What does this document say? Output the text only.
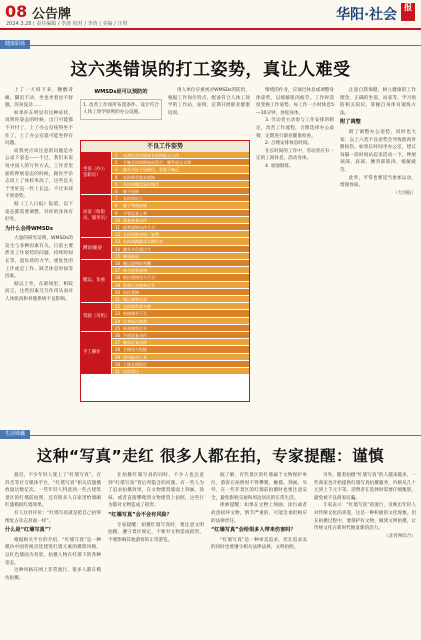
08 公告牌
2024.3.28 | 责任编辑 / 李涛 校对 / 李涛 | 美编 / 汪琪
华阳·社会 报
健康职场
这六类错误的打工姿势，真让人难受

上了一天班下来，腰酸背痛，脚沉不动，坐也坐着也不舒服，浑身没劲……

如果你在明显有这种症状，说明你姿态的时候，出门可能都不对付了，上了办公室疼得坐不住了，上了办公室就可能坐得有问题。

而我更应该注意的问题是办公桌下姿态——不过，我们来说说中国人的写作方式，工作者里面的伸展姿态的时候，跟医学杂志说上了体检率高了，这些是关于坐好直一些上长远、不过来找不到姿势。

据《工人日报》报道，以下姿态都需要调整，对你的身体有好处。

为什么会得WMSDs

大量的研究证明，WMSDs的发生与多种因素有关。目前主要涉及工作姿势的问题、持续时间长等，超负荷的力学、重复性的工作或是工作、缺乏休息时间等因素。

据以上外，在职场里，相较而言，这些因素交互作用从而对人体肌肉和骨骼系统不良影响。

WMSDs是可以预防的

1. 改善工作场所布置条件。设计符合人体工效学原则的办公设施。

用人单位应重视对WMSDs的防治，根据工作岗位特点，配备符合人体工效学的工作站、座椅，定期开展职业健康培训。

不良工作姿势
坐姿（办公室职员）
1 头颈过度前倾或长时间低头工作
2 手腕长时间伸展或悬空，腰背部无支撑
3 髋关节处于屈曲位，坐姿不端正
4 长时间坐姿未变换
5 长时间键盘鼠标操作
6 躯干扭转
站姿（收银员、服务员）
7 长时间站立
8 躯干弯曲前倾
9 手臂反复上举
10 重复转身动作
11 提举重物动作不当
12 长时间维持同一姿势
蹲姿/跪姿
13 长时间蹲踞或半蹲作业
14 膝关节负重过大
15 腰部前屈
搬运、负重
16 搬运重物时弯腰
17 单手提举重物
18 推拉重物用力不当
19 负重行走距离过长
20 肩扛重物
21 搬运频率过高
驾驶（司机）
22 长时间驾驶车辆
23 座椅调节不当
24 全身振动暴露
25 转颈观察过多
手工操作
26 手部重复动作
27 腕部反复屈伸
28 手指用力捏握
29 使用振动工具
30 上肢长期固定
31 局部受压

情绪的作业，应通过休息或调整身体姿势，以缓解肌肉疲劳。工作时适度变换工作姿势，每工作一小时休息5—10分钟，放松身体。

3. 劳动者主动参与工作安排的制定，改善工作流程，合理选择办公桌椅，定期进行职业健康检查。

2. 合理安排休息时间。

在长时间的工作中，劳动者应有一定的工间休息，活动身体。

4. 加强锻炼。

注意自我保健，树立健康的工作理念，正确的坐姿、站姿等，学习预防相关知识，掌握自身体育锻炼方法。

附了调整

附了调整办公姿势，同时也大家：以上六类不良姿势会导致肌肉骨骼损伤。如果长时间坐办公室，建议每隔一段时间站起来活动一下，伸展颈部、肩部、腰背部肌肉，缓解疲劳。

此外，平常也要适当参加运动，增强体质。

（大河报）

生活锦囊
这种“写真”走红 很多人都在拍，专家提醒：谨慎

最近，不少年轻人迷上了“红墙写真”。在抖音等社交媒体平台，“红墙写真”相关话题播放量达数亿次。一些年轻人特意到一些古建筑景区的红墙前拍照，还有很多人在家里给墙刷红漆模拟红墙效果。

有人这样评价：“红墙写真就是把自己拍得像复古杂志封面一样”。

什么是“红墙写真”？

根据相关平台的介绍，“红墙写真”是一种模仿中国传统宫廷建筑红墙元素的摄影风格，以红色墙面为背景，拍摄人物在红墙下的各种姿态。

这种风格在网上非常流行，很多人都在模仿拍摄。

在拍摄红墙写真的同时，不少人也注意到“红墙写真”背后所隐含的问题。有一些人为了追求拍摄效果，在文物建筑墙面上刻画、涂抹，或者直接攀爬到文物建筑上拍照，这些行为都对文物造成了损害。

“红墙写真”会不会有风险？

专家提醒：拍摄红墙写真时，要注意文明拍摄，遵守景区规定，不要对文物造成损害，不要影响其他游客的正常游览。

据了解，有些景区的红墙属于文物保护单位，游客在拍照时不得攀爬、触摸、刻画。另外，在一些非景区的红墙前拍摄时也要注意安全，避免影响交通和周边居民的正常生活。

律师提醒：如果在文物上刻画、涂污或者故意损坏文物，情节严重的，可能会承担相应的法律责任。

“红墙写真”会给很多人带来伤害吗？

“红墙写真”是一种审美追求，但在追求美的同时也要遵守相关法律法规，文明拍照。

另外，随着拍摄“红墙写真”的人越来越多，一些商家也开始提供红墙写真拍摄服务，价格从几十元到上千元不等。消费者在选择时需要仔细甄别，避免被不良商家坑骗。

专家表示：“红墙写真”的流行，反映出年轻人对传统文化的喜爱，这是一种积极的文化现象。但在拍摄过程中，要保护好文物，做到文明拍摄，让传统文化在新时代焕发新的活力。

（北青网综合）
